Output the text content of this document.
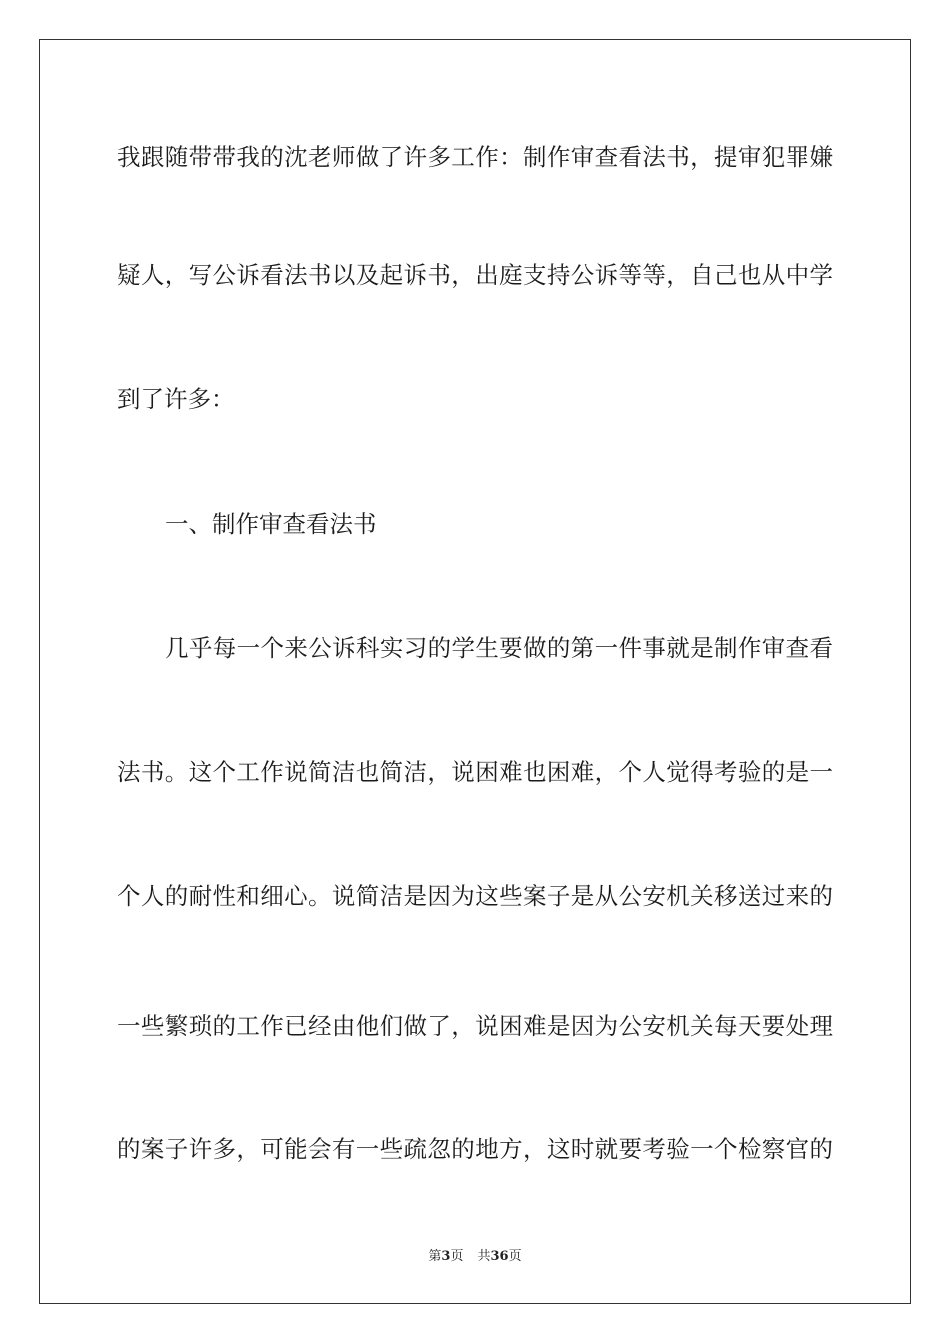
我跟随带带我的沈老师做了许多工作：制作审查看法书，提审犯罪嫌
疑人，写公诉看法书以及起诉书，出庭支持公诉等等，自己也从中学
到了许多：
一、制作审查看法书
几乎每一个来公诉科实习的学生要做的第一件事就是制作审查看
法书。这个工作说简洁也简洁，说困难也困难，个人觉得考验的是一
个人的耐性和细心。说简洁是因为这些案子是从公安机关移送过来的
一些繁琐的工作已经由他们做了，说困难是因为公安机关每天要处理
的案子许多，可能会有一些疏忽的地方，这时就要考验一个检察官的
第3页 共36页
